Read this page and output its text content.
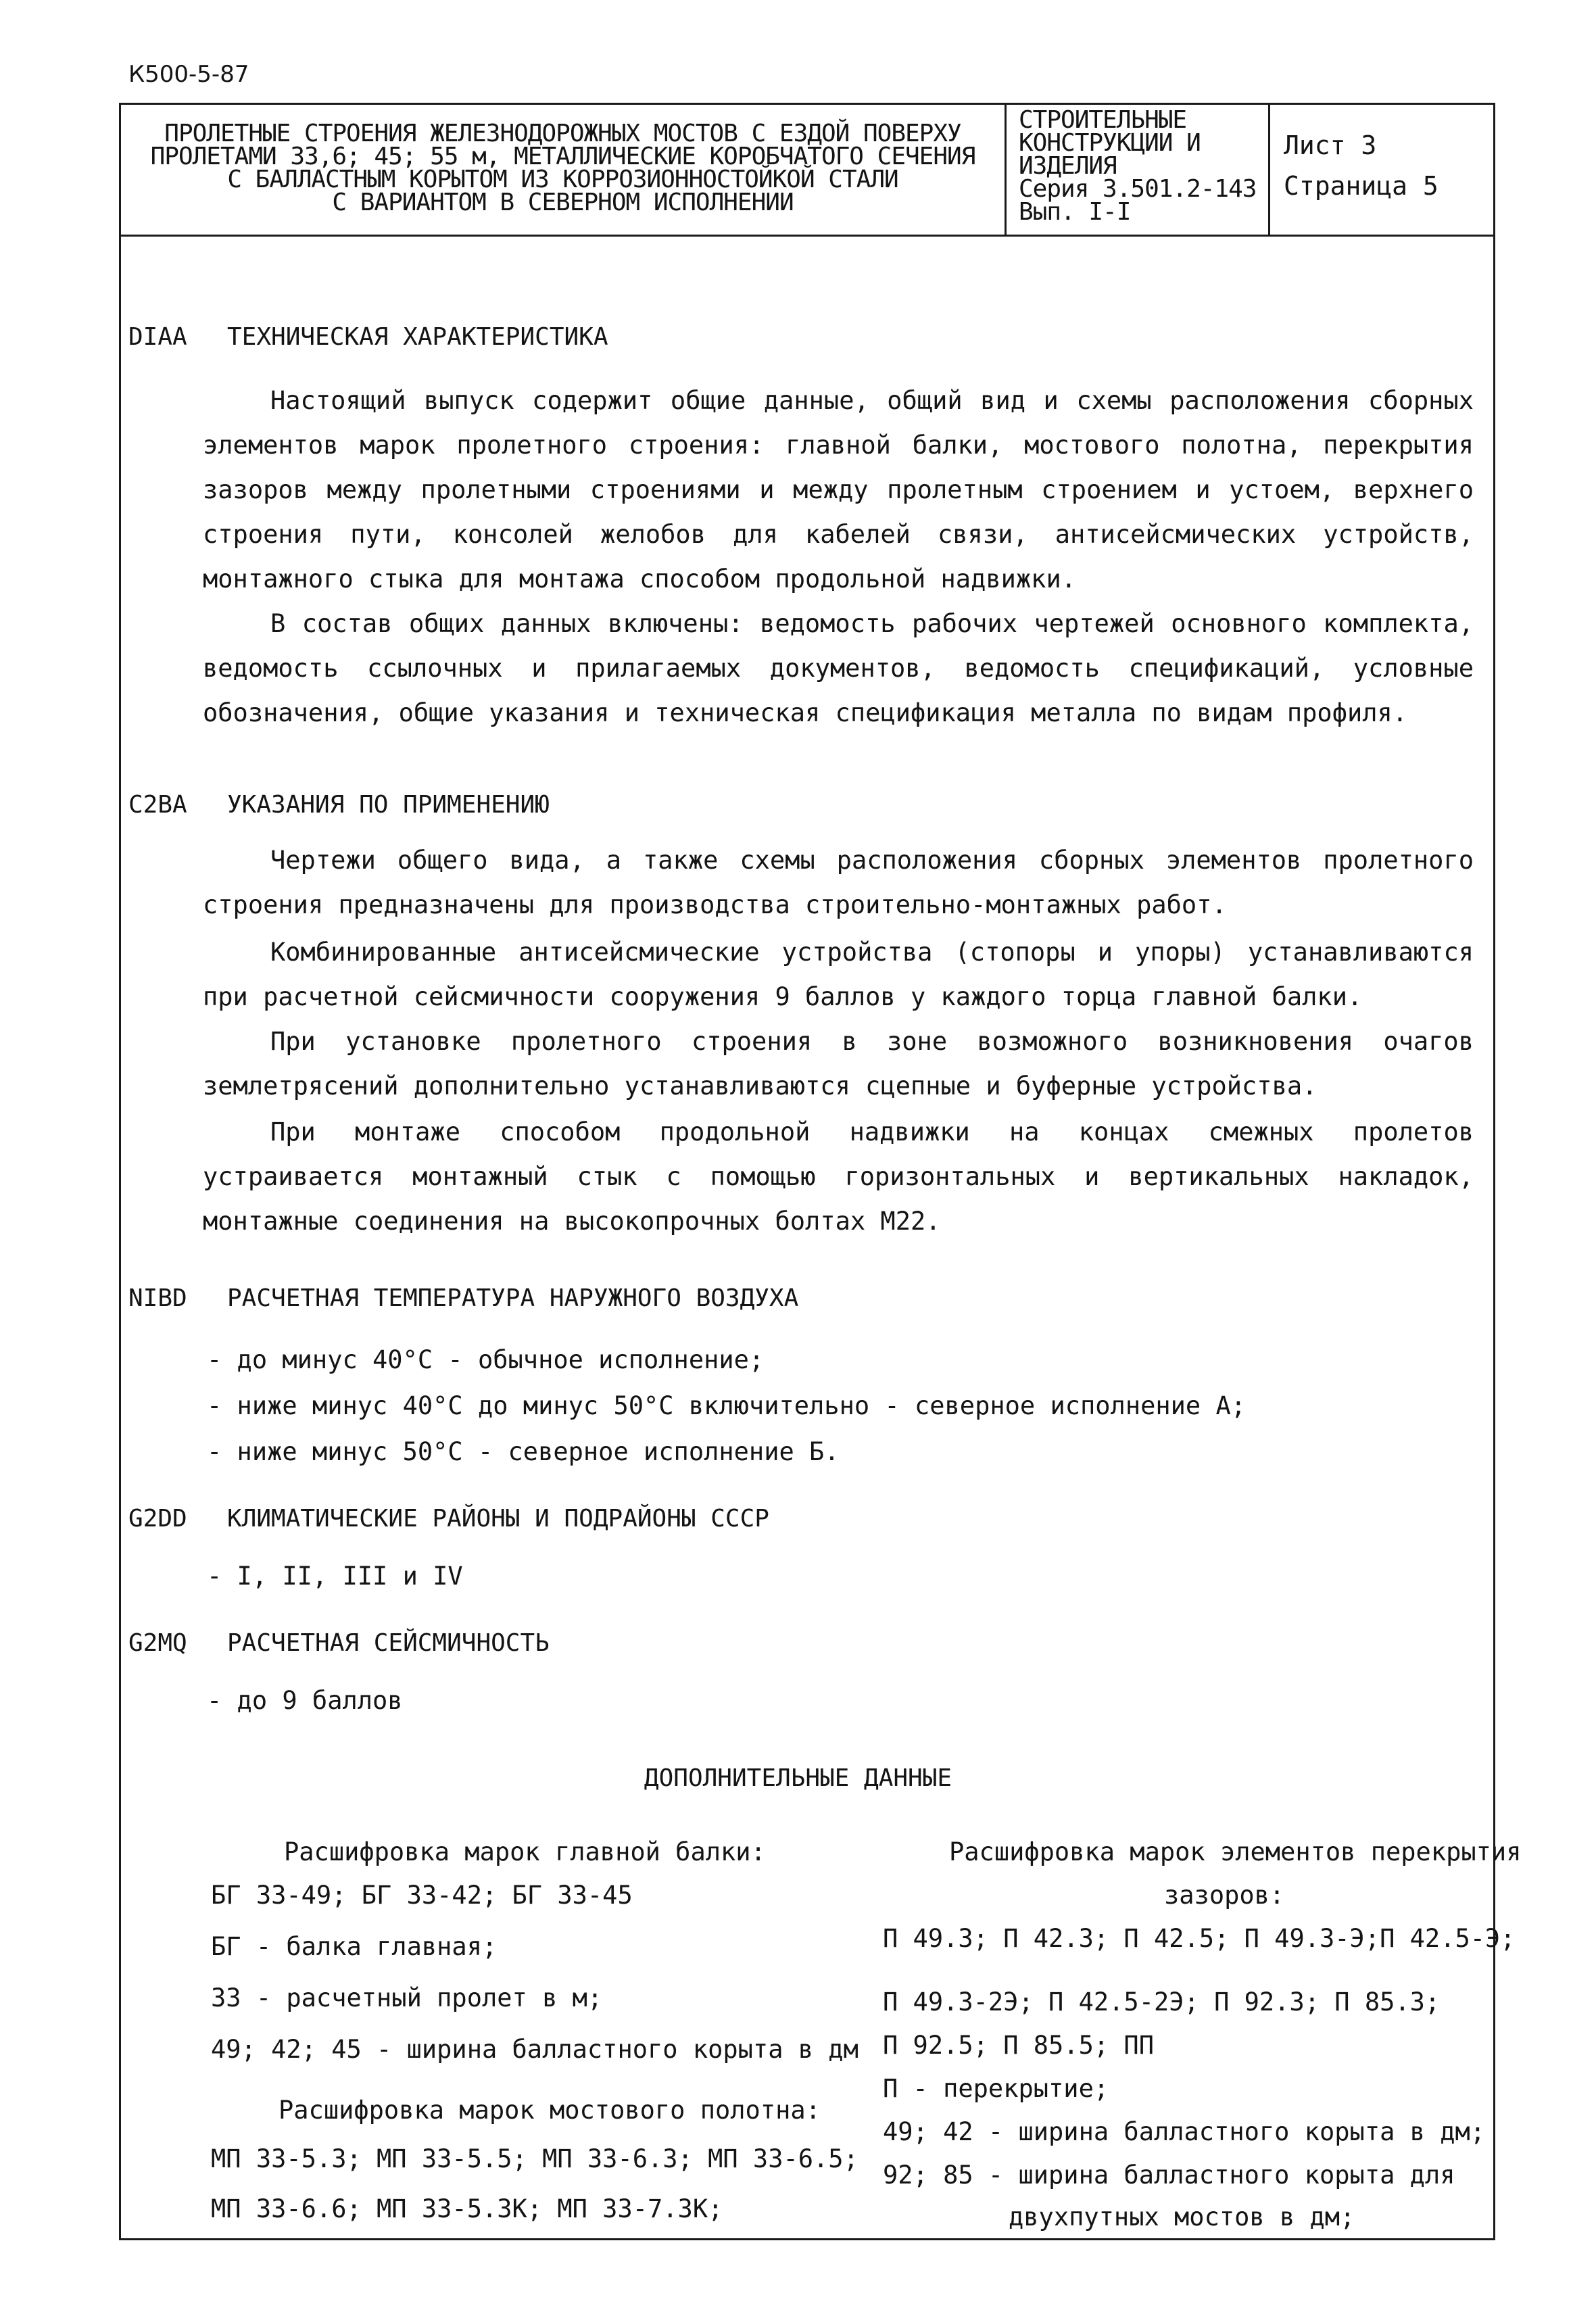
К500-5-87
ПРОЛЕТНЫЕ СТРОЕНИЯ ЖЕЛЕЗНОДОРОЖНЫХ МОСТОВ С ЕЗДОЙ ПОВЕРХУ
ПРОЛЕТАМИ 33,6; 45; 55 м, МЕТАЛЛИЧЕСКИЕ КОРОБЧАТОГО СЕЧЕНИЯ
С БАЛЛАСТНЫМ КОРЫТОМ ИЗ КОРРОЗИОННОСТОЙКОЙ СТАЛИ
С ВАРИАНТОМ В СЕВЕРНОМ ИСПОЛНЕНИИ
СТРОИТЕЛЬНЫЕ
КОНСТРУКЦИИ И
ИЗДЕЛИЯ
Серия 3.501.2-143
Вып. I-I
Лист 3
Страница 5
DIAA ТЕХНИЧЕСКАЯ ХАРАКТЕРИСТИКА
Настоящий выпуск содержит общие данные, общий вид и схемы расположения сборных элементов марок пролетного строения: главной балки, мостового полотна, перекрытия зазоров между пролетными строениями и между пролетным строением и устоем, верхнего строения пути, консолей желобов для кабелей связи, антисейсмических устройств, монтажного стыка для монтажа способом продольной надвижки.
В состав общих данных включены: ведомость рабочих чертежей основного комплекта, ведомость ссылочных и прилагаемых документов, ведомость спецификаций, условные обозначения, общие указания и техническая спецификация металла по видам профиля.
C2BA УКАЗАНИЯ ПО ПРИМЕНЕНИЮ
Чертежи общего вида, а также схемы расположения сборных элементов пролетного строения предназначены для производства строительно-монтажных работ.
Комбинированные антисейсмические устройства (стопоры и упоры) устанавливаются при расчетной сейсмичности сооружения 9 баллов у каждого торца главной балки.
При установке пролетного строения в зоне возможного возникновения очагов землетрясений дополнительно устанавливаются сцепные и буферные устройства.
При монтаже способом продольной надвижки на концах смежных пролетов устраивается монтажный стык с помощью горизонтальных и вертикальных накладок, монтажные соединения на высокопрочных болтах М22.
NIBD РАСЧЕТНАЯ ТЕМПЕРАТУРА НАРУЖНОГО ВОЗДУХА
- до минус 40°С - обычное исполнение;
- ниже минус 40°С до минус 50°С включительно - северное исполнение А;
- ниже минус 50°С - северное исполнение Б.
G2DD КЛИМАТИЧЕСКИЕ РАЙОНЫ И ПОДРАЙОНЫ СССР
- I, II, III и IV
G2MQ РАСЧЕТНАЯ СЕЙСМИЧНОСТЬ
- до 9 баллов
ДОПОЛНИТЕЛЬНЫЕ ДАННЫЕ
Расшифровка марок главной балки:
БГ 33-49; БГ 33-42; БГ 33-45
БГ - балка главная;
33 - расчетный пролет в м;
49; 42; 45 - ширина балластного корыта в дм
Расшифровка марок мостового полотна:
МП 33-5.3; МП 33-5.5; МП 33-6.3; МП 33-6.5;
МП 33-6.6; МП 33-5.3К; МП 33-7.3К;
Расшифровка марок элементов перекрытия
зазоров:
П 49.3; П 42.3; П 42.5; П 49.3-Э;П 42.5-Э;
П 49.3-2Э; П 42.5-2Э; П 92.3; П 85.3;
П 92.5; П 85.5; ПП
П - перекрытие;
49; 42 - ширина балластного корыта в дм;
92; 85 - ширина балластного корыта для
двухпутных мостов в дм;
